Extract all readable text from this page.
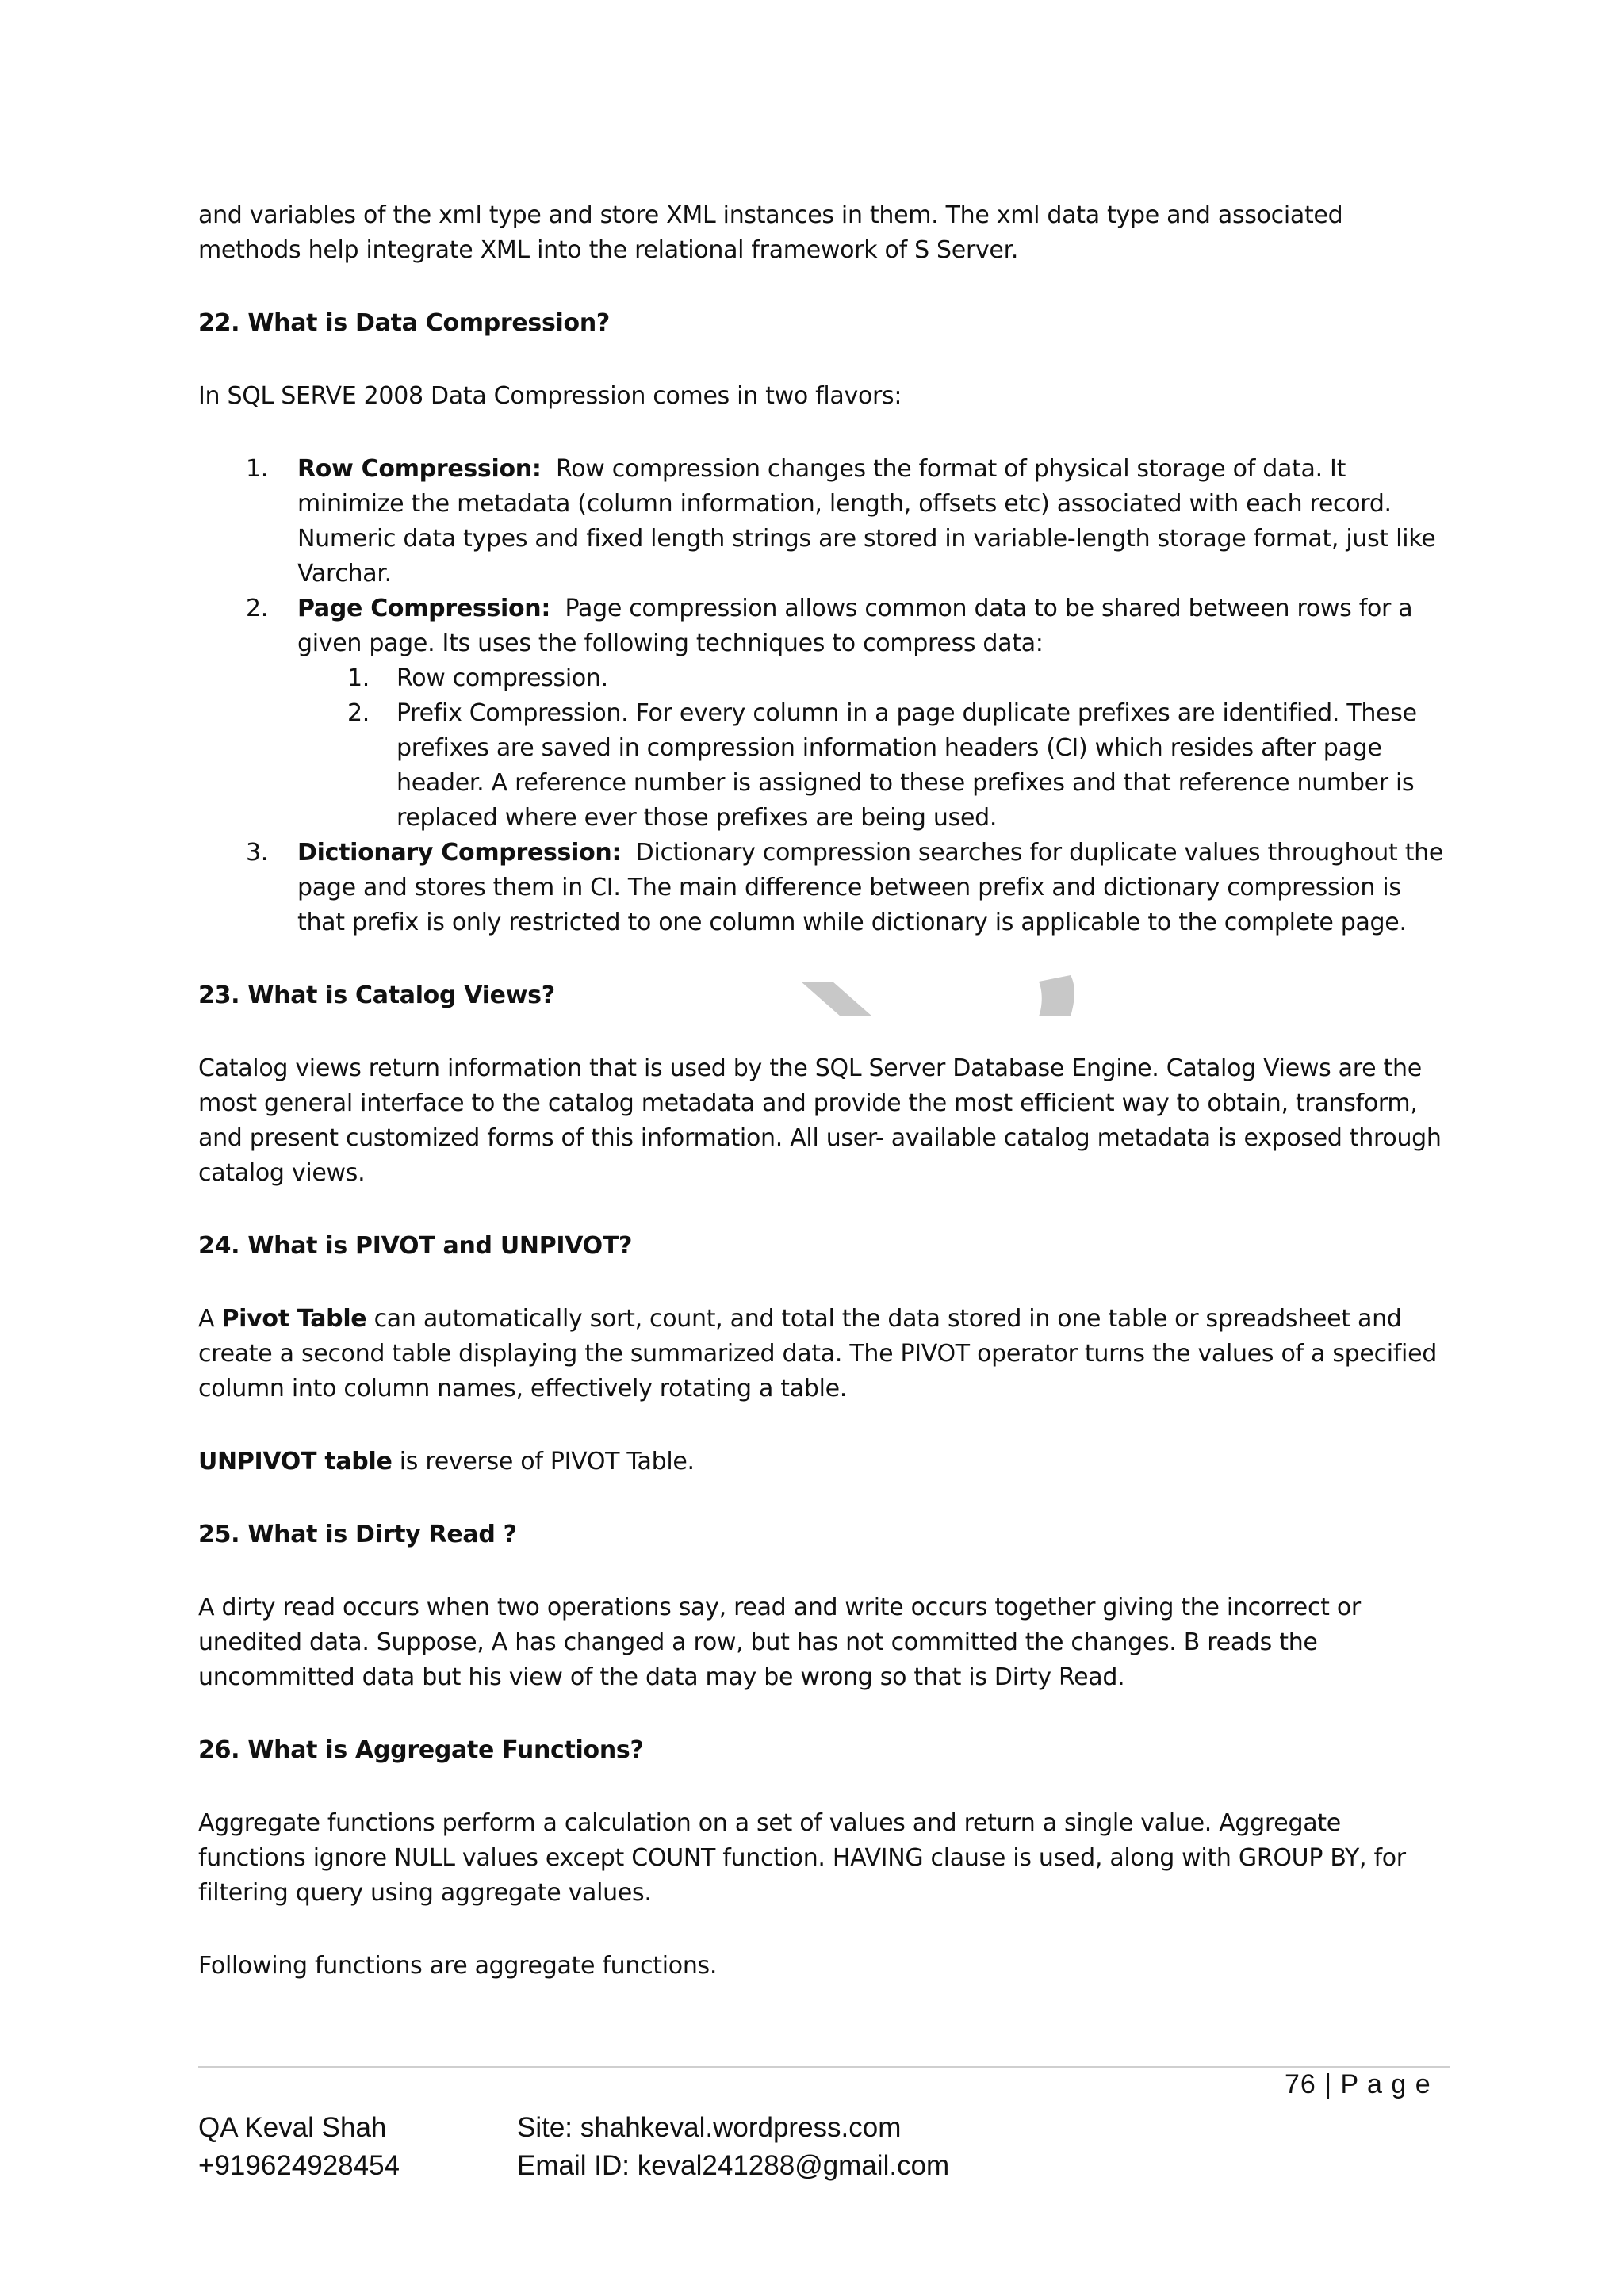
and variables of the xml type and store XML instances in them. The xml data type and associated

methods help integrate XML into the relational framework of S Server.

22. What is Data Compression?

In SQL SERVE 2008 Data Compression comes in two flavors:

1. Row Compression: Row compression changes the format of physical storage of data. It minimize the metadata (column information, length, offsets etc) associated with each record. Numeric data types and fixed length strings are stored in variable-length storage format, just like Varchar.
2. Page Compression: Page compression allows common data to be shared between rows for a given page. Its uses the following techniques to compress data:
1. Row compression.
2. Prefix Compression. For every column in a page duplicate prefixes are identified. These prefixes are saved in compression information headers (CI) which resides after page header. A reference number is assigned to these prefixes and that reference number is replaced where ever those prefixes are being used.
3. Dictionary Compression: Dictionary compression searches for duplicate values throughout the page and stores them in CI. The main difference between prefix and dictionary compression is that prefix is only restricted to one column while dictionary is applicable to the complete page.

23. What is Catalog Views?

Catalog views return information that is used by the SQL Server Database Engine. Catalog Views are the most general interface to the catalog metadata and provide the most efficient way to obtain, transform, and present customized forms of this information. All user- available catalog metadata is exposed through catalog views.

24. What is PIVOT and UNPIVOT?

A Pivot Table can automatically sort, count, and total the data stored in one table or spreadsheet and create a second table displaying the summarized data. The PIVOT operator turns the values of a specified column into column names, effectively rotating a table.

UNPIVOT table is reverse of PIVOT Table.

25. What is Dirty Read ?

A dirty read occurs when two operations say, read and write occurs together giving the incorrect or unedited data. Suppose, A has changed a row, but has not committed the changes. B reads the uncommitted data but his view of the data may be wrong so that is Dirty Read.

26. What is Aggregate Functions?

Aggregate functions perform a calculation on a set of values and return a single value. Aggregate functions ignore NULL values except COUNT function. HAVING clause is used, along with GROUP BY, for filtering query using aggregate values.

Following functions are aggregate functions.

76 | P a g e

QA Keval Shah

+919624928454

Site: shahkeval.wordpress.com

Email ID: keval241288@gmail.com
